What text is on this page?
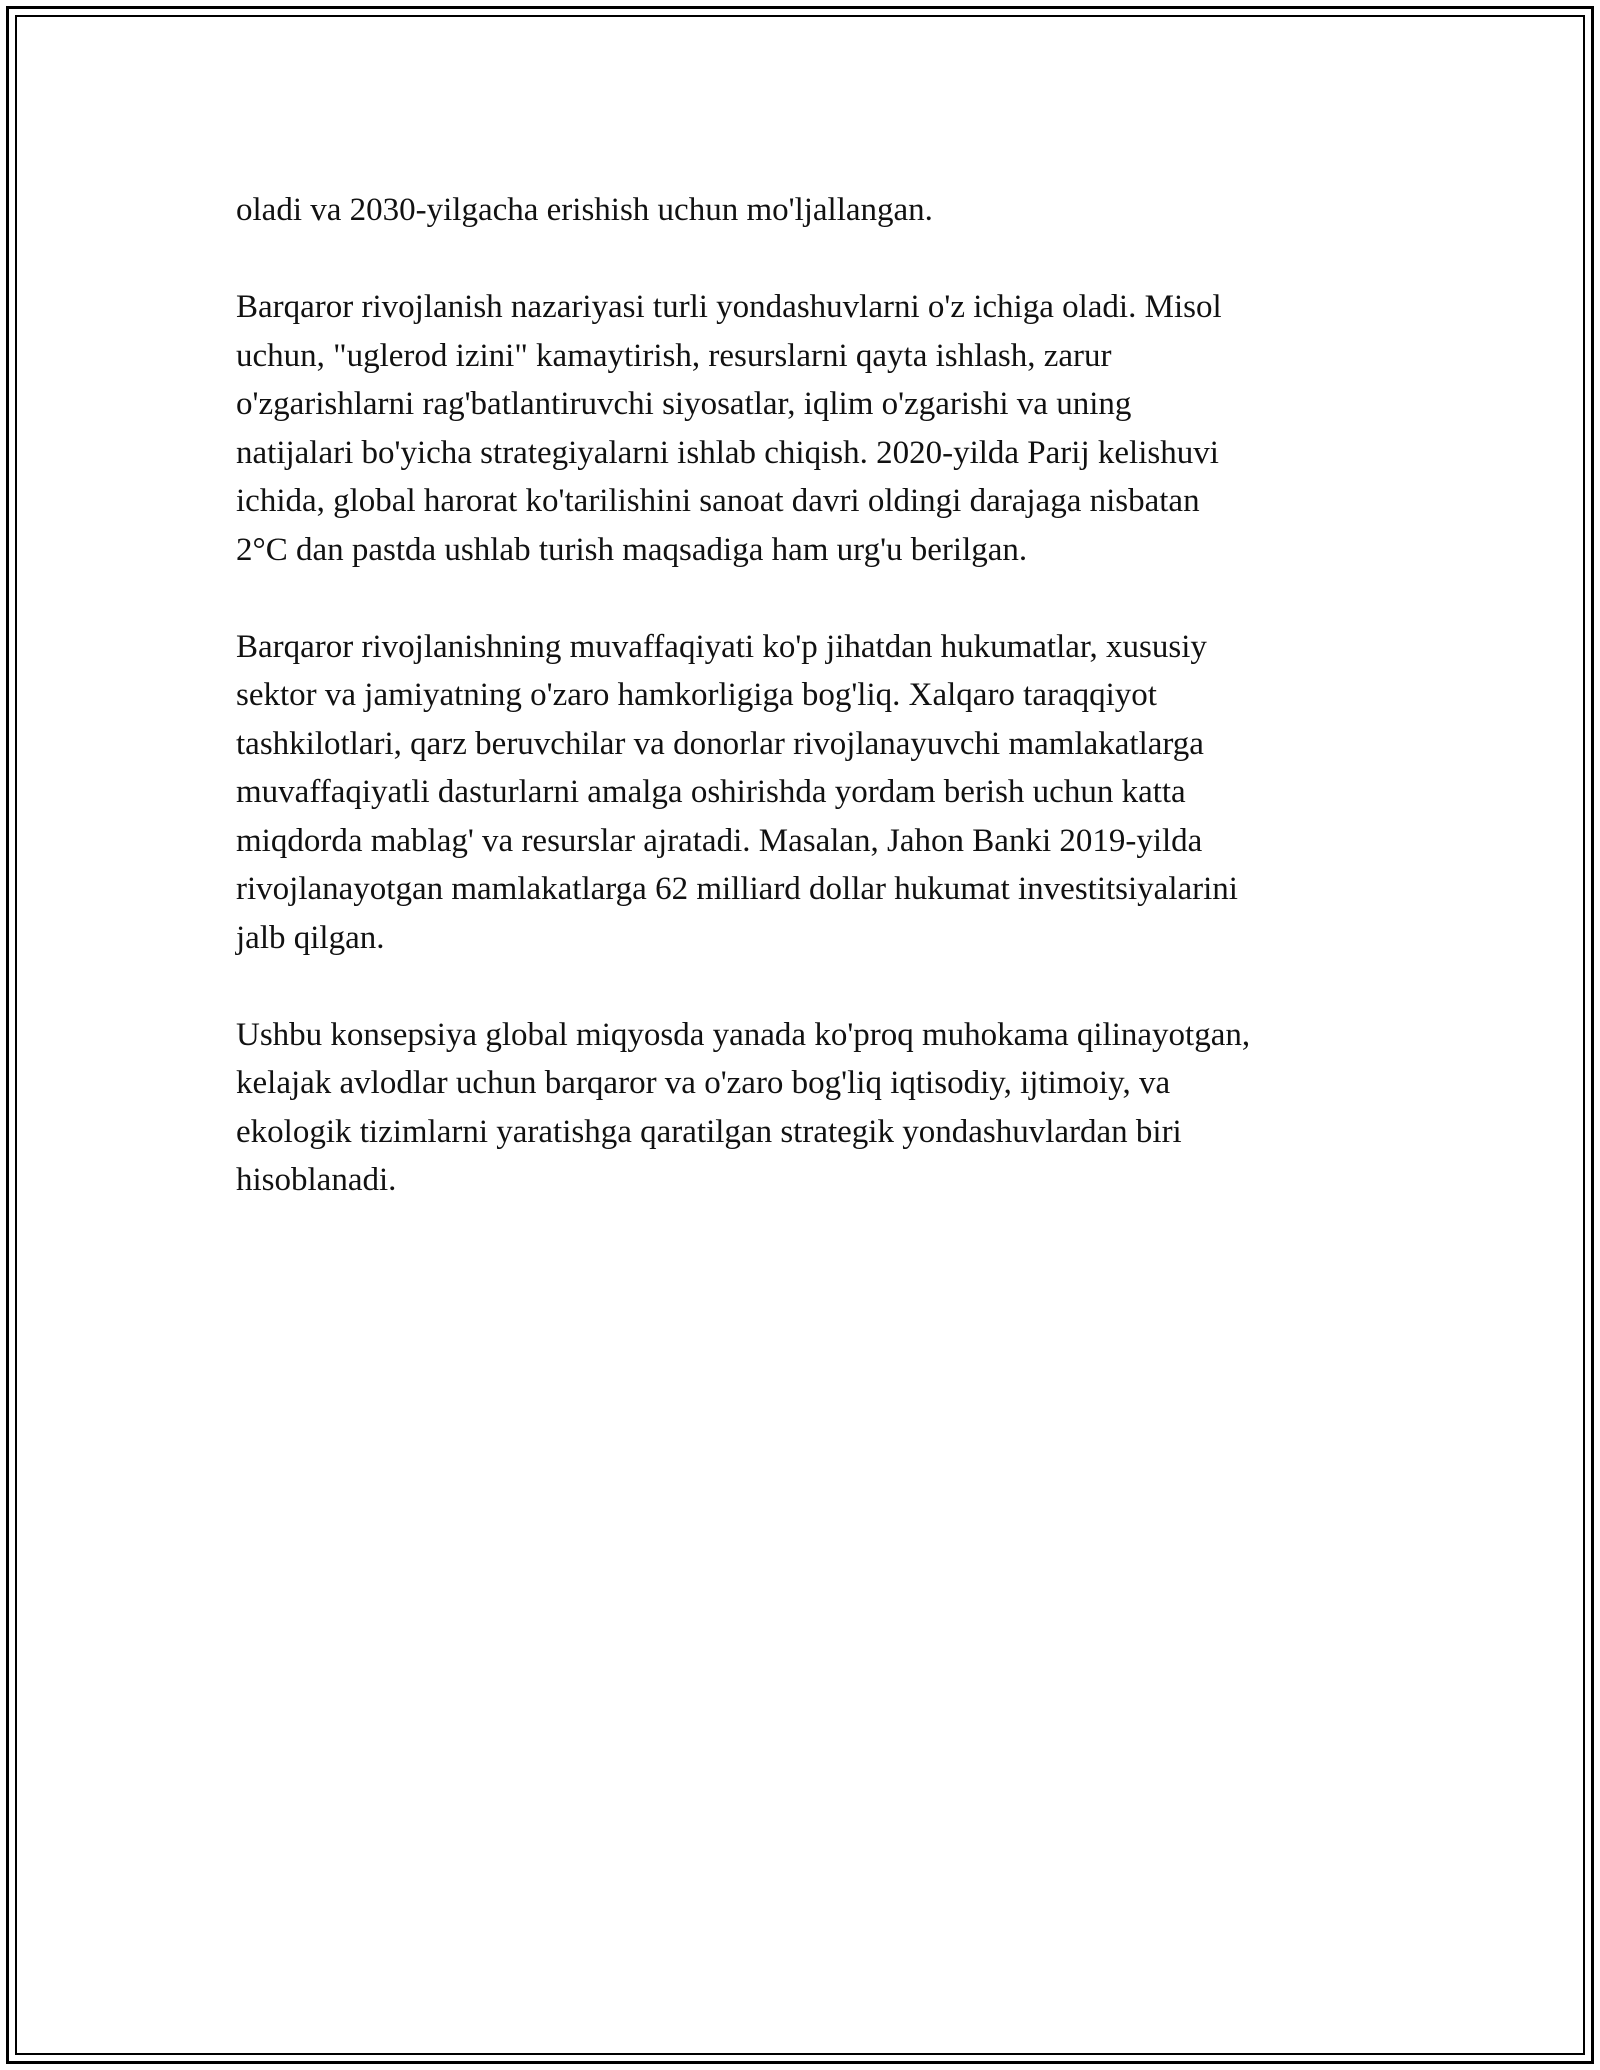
oladi va 2030-yilgacha erishish uchun mo'ljallangan.

Barqaror rivojlanish nazariyasi turli yondashuvlarni o'z ichiga oladi. Misol
uchun, "uglerod izini" kamaytirish, resurslarni qayta ishlash, zarur
o'zgarishlarni rag'batlantiruvchi siyosatlar, iqlim o'zgarishi va uning
natijalari bo'yicha strategiyalarni ishlab chiqish. 2020-yilda Parij kelishuvi
ichida, global harorat ko'tarilishini sanoat davri oldingi darajaga nisbatan
2°C dan pastda ushlab turish maqsadiga ham urg'u berilgan.

Barqaror rivojlanishning muvaffaqiyati ko'p jihatdan hukumatlar, xususiy
sektor va jamiyatning o'zaro hamkorligiga bog'liq. Xalqaro taraqqiyot
tashkilotlari, qarz beruvchilar va donorlar rivojlanayuvchi mamlakatlarga
muvaffaqiyatli dasturlarni amalga oshirishda yordam berish uchun katta
miqdorda mablag' va resurslar ajratadi. Masalan, Jahon Banki 2019-yilda
rivojlanayotgan mamlakatlarga 62 milliard dollar hukumat investitsiyalarini
jalb qilgan.

Ushbu konsepsiya global miqyosda yanada ko'proq muhokama qilinayotgan,
kelajak avlodlar uchun barqaror va o'zaro bog'liq iqtisodiy, ijtimoiy, va
ekologik tizimlarni yaratishga qaratilgan strategik yondashuvlardan biri
hisoblanadi.
